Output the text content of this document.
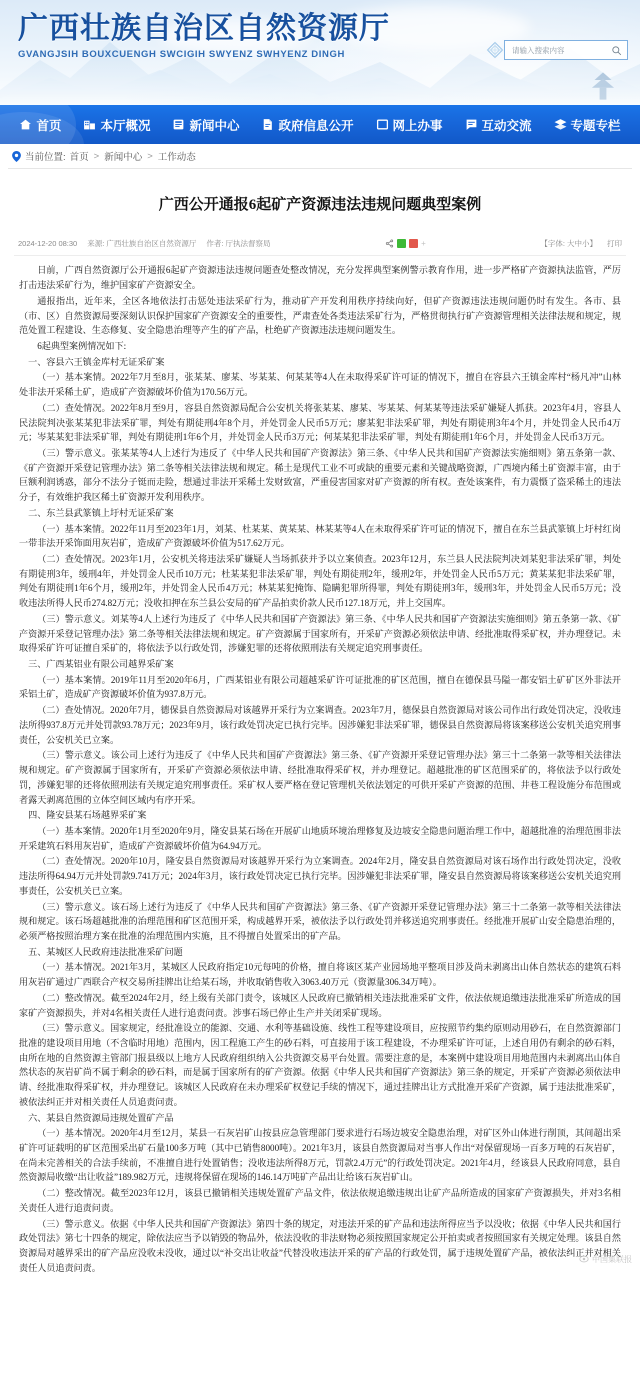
广西壮族自治区自然资源厅
GVANGJSIH BOUXCUENGH SWCIGIH SWYENZ SWHYENZ DINGH	请输入搜索内容
首页	本厅概况	新闻中心	政府信息公开	网上办事	互动交流	专题专栏
当前位置: 首页 > 新闻中心 > 工作动态
广西公开通报6起矿产资源违法违规问题典型案例
2024-12-20 08:30 来源: 广西壮族自治区自然资源厅 作者: 厅执法督察局	+	【字体: 大中小】 打印

日前，广西自然资源厅公开通报6起矿产资源违法违规问题查处整改情况，充分发挥典型案例警示教育作用，进一步严格矿产资源执法监管，严厉打击违法采矿行为，维护国家矿产资源安全。

通报指出，近年来，全区各地依法打击惩处违法采矿行为，推动矿产开发利用秩序持续向好，但矿产资源违法违规问题仍时有发生。各市、县（市、区）自然资源局要深刻认识保护国家矿产资源安全的重要性，严肃查处各类违法采矿行为，严格贯彻执行矿产资源管理相关法律法规和规定，规范处置工程建设、生态修复、安全隐患治理等产生的矿产品，杜绝矿产资源违法违规问题发生。

6起典型案例情况如下:

一、容县六王镇金库村无证采矿案

（一）基本案情。2022年7月至8月，张某某、廖某、岑某某、何某某等4人在未取得采矿许可证的情况下，擅自在容县六王镇金库村“杨凡冲”山林处非法开采稀土矿，造成矿产资源破坏价值为170.56万元。

（二）查处情况。2022年8月至9月，容县自然资源局配合公安机关将张某某、廖某、岑某某、何某某等违法采矿嫌疑人抓获。2023年4月，容县人民法院判决张某某犯非法采矿罪，判处有期徒刑4年8个月，并处罚金人民币5万元；廖某犯非法采矿罪，判处有期徒刑3年4个月，并处罚金人民币4万元；岑某某犯非法采矿罪，判处有期徒刑1年6个月，并处罚金人民币3万元；何某某犯非法采矿罪，判处有期徒刑1年6个月，并处罚金人民币3万元。

（三）警示意义。张某某等4人上述行为违反了《中华人民共和国矿产资源法》第三条、《中华人民共和国矿产资源法实施细则》第五条第一款、《矿产资源开采登记管理办法》第二条等相关法律法规和规定。稀土是现代工业不可或缺的重要元素和关键战略资源，广西境内稀土矿资源丰富，由于巨额利润诱惑，部分不法分子铤而走险，想通过非法开采稀土发财致富，严重侵害国家对矿产资源的所有权。查处该案件，有力震慑了盗采稀土的违法分子，有效维护我区稀土矿资源开发利用秩序。

二、东兰县武篆镇上圩村无证采矿案

（一）基本案情。2022年11月至2023年1月，刘某、杜某某、黄某某、林某某等4人在未取得采矿许可证的情况下，擅自在东兰县武篆镇上圩村红岗一带非法开采饰面用灰岩矿，造成矿产资源破坏价值为517.62万元。

（二）查处情况。2023年1月，公安机关将违法采矿嫌疑人当场抓获并予以立案侦查。2023年12月，东兰县人民法院判决刘某犯非法采矿罪，判处有期徒刑3年，缓刑4年，并处罚金人民币10万元；杜某某犯非法采矿罪，判处有期徒刑2年，缓刑2年，并处罚金人民币5万元；黄某某犯非法采矿罪，判处有期徒刑1年6个月，缓刑2年，并处罚金人民币4万元；林某某犯掩饰、隐瞒犯罪所得罪，判处有期徒刑3年，缓刑3年，并处罚金人民币5万元；没收违法所得人民币274.82万元；没收扣押在东兰县公安局的矿产品拍卖价款人民币127.18万元，并上交国库。

（三）警示意义。刘某等4人上述行为违反了《中华人民共和国矿产资源法》第三条、《中华人民共和国矿产资源法实施细则》第五条第一款、《矿产资源开采登记管理办法》第二条等相关法律法规和规定。矿产资源属于国家所有，开采矿产资源必须依法申请、经批准取得采矿权，并办理登记。未取得采矿许可证擅自采矿的，将依法予以行政处罚，涉嫌犯罪的还将依照刑法有关规定追究刑事责任。

三、广西某铝业有限公司越界采矿案

（一）基本案情。2019年11月至2020年6月，广西某铝业有限公司超越采矿许可证批准的矿区范围，擅自在德保县马隘一都安铝土矿矿区外非法开采铝土矿，造成矿产资源破坏价值为937.8万元。

（二）查处情况。2020年7月，德保县自然资源局对该越界开采行为立案调查。2023年7月，德保县自然资源局对该公司作出行政处罚决定，没收违法所得937.8万元并处罚款93.78万元；2023年9月，该行政处罚决定已执行完毕。因涉嫌犯非法采矿罪，德保县自然资源局将该案移送公安机关追究刑事责任，公安机关已立案。

（三）警示意义。该公司上述行为违反了《中华人民共和国矿产资源法》第三条、《矿产资源开采登记管理办法》第三十二条第一款等相关法律法规和规定。矿产资源属于国家所有，开采矿产资源必须依法申请、经批准取得采矿权，并办理登记。超越批准的矿区范围采矿的，将依法予以行政处罚，涉嫌犯罪的还将依照刑法有关规定追究刑事责任。采矿权人要严格在登记管理机关依法划定的可供开采矿产资源的范围、井巷工程设施分布范围或者露天剥离范围的立体空间区域内有序开采。

四、隆安县某石场越界采矿案

（一）基本案情。2020年1月至2020年9月，隆安县某石场在开展矿山地质环境治理修复及边坡安全隐患问题治理工作中，超越批准的治理范围非法开采建筑石料用灰岩矿，造成矿产资源破坏价值为64.94万元。

（二）查处情况。2020年10月，隆安县自然资源局对该越界开采行为立案调查。2024年2月，隆安县自然资源局对该石场作出行政处罚决定，没收违法所得64.94万元并处罚款9.741万元；2024年3月，该行政处罚决定已执行完毕。因涉嫌犯非法采矿罪，隆安县自然资源局将该案移送公安机关追究刑事责任，公安机关已立案。

（三）警示意义。该石场上述行为违反了《中华人民共和国矿产资源法》第三条、《矿产资源开采登记管理办法》第三十二条第一款等相关法律法规和规定。该石场超越批准的治理范围和矿区范围开采，构成越界开采，被依法予以行政处罚并移送追究刑事责任。经批准开展矿山安全隐患治理的，必须严格按照治理方案在批准的治理范围内实施，且不得擅自处置采出的矿产品。

五、某城区人民政府违法批准采矿问题

（一）基本情况。2021年3月，某城区人民政府指定10元每吨的价格，擅自将该区某产业园场地平整项目涉及尚未剥离出山体自然状态的建筑石料用灰岩矿通过广西联合产权交易所挂牌出让给某石场，并收取销售收入3063.40万元（资源量306.34万吨）。

（二）整改情况。截至2024年2月，经上级有关部门责令，该城区人民政府已撤销相关违法批准采矿文件，依法依规追缴违法批准采矿所造成的国家矿产资源损失，并对4名相关责任人进行追责问责。涉事石场已停止生产并关闭采矿现场。

（三）警示意义。国家规定，经批准设立的能源、交通、水利等基础设施、线性工程等建设项目，应按照节约集约原则动用砂石，在自然资源部门批准的建设项目用地（不含临时用地）范围内，因工程施工产生的砂石料，可直接用于该工程建设，不办理采矿许可证，上述自用仍有剩余的砂石料，由所在地的自然资源主管部门报县级以上地方人民政府组织纳入公共资源交易平台处置。需要注意的是，本案例中建设项目用地范围内未剥离出山体自然状态的灰岩矿尚不属于剩余的砂石料，而是属于国家所有的矿产资源。依据《中华人民共和国矿产资源法》第三条的规定，开采矿产资源必须依法申请、经批准取得采矿权，并办理登记。该城区人民政府在未办理采矿权登记手续的情况下，通过挂牌出让方式批准开采矿产资源，属于违法批准采矿，被依法纠正并对相关责任人员追责问责。

六、某县自然资源局违规处置矿产品

（一）基本情况。2020年4月至12月，某县一石灰岩矿山按县应急管理部门要求进行石场边坡安全隐患治理，对矿区外山体进行削顶，其间超出采矿许可证载明的矿区范围采出矿石量100多万吨（其中已销售8000吨）。2021年3月，该县自然资源局对当事人作出“对保留现场一百多万吨的石灰岩矿，在尚未完善相关的合法手续前，不准擅自进行处置销售；没收违法所得8万元，罚款2.4万元”的行政处罚决定。2021年4月，经该县人民政府同意，县自然资源局收缴“出让收益”189.982万元，违规将保留在现场的146.14万吨矿产品出让给该石灰岩矿山。

（二）整改情况。截至2023年12月，该县已撤销相关违规处置矿产品文件，依法依规追缴违规出让矿产品所造成的国家矿产资源损失，并对3名相关责任人进行追责问责。

（三）警示意义。依据《中华人民共和国矿产资源法》第四十条的规定，对违法开采的矿产品和违法所得应当予以没收；依据《中华人民共和国行政处罚法》第七十四条的规定，除依法应当予以销毁的物品外，依法没收的非法财物必须按照国家规定公开拍卖或者按照国家有关规定处理。该县自然资源局对越界采出的矿产品应没收未没收，通过以“补交出让收益”代替没收违法开采的矿产品的行政处罚，属于违规处置矿产品，被依法纠正并对相关责任人员追责问责。

中国集联报
